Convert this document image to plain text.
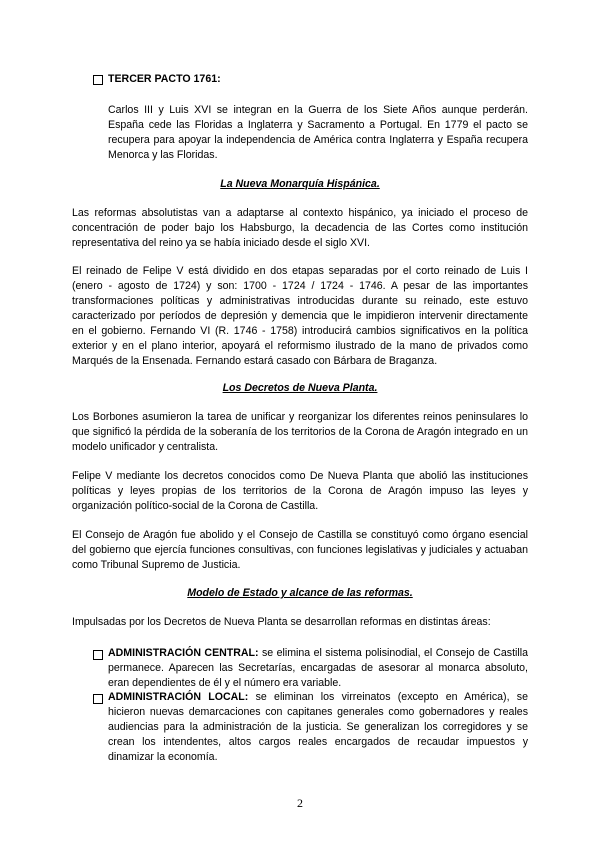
TERCER PACTO 1761:

Carlos III y Luis XVI se integran en la Guerra de los Siete Años aunque perderán. España cede las Floridas a Inglaterra y Sacramento a Portugal. En 1779 el pacto se recupera para apoyar la independencia de América contra Inglaterra y España recupera Menorca y las Floridas.

La Nueva Monarquía Hispánica.

Las reformas absolutistas van a adaptarse al contexto hispánico, ya iniciado el proceso de concentración de poder bajo los Habsburgo, la decadencia de las Cortes como institución representativa del reino ya se había iniciado desde el siglo XVI.

El reinado de Felipe V está dividido en dos etapas separadas por el corto reinado de Luis I (enero - agosto de 1724) y son: 1700 - 1724 / 1724 - 1746. A pesar de las importantes transformaciones políticas y administrativas introducidas durante su reinado, este estuvo caracterizado por períodos de depresión y demencia que le impidieron intervenir directamente en el gobierno. Fernando VI (R. 1746 - 1758) introducirá cambios significativos en la política exterior y en el plano interior, apoyará el reformismo ilustrado de la mano de privados como Marqués de la Ensenada. Fernando estará casado con Bárbara de Braganza.

Los Decretos de Nueva Planta.

Los Borbones asumieron la tarea de unificar y reorganizar los diferentes reinos peninsulares lo que significó la pérdida de la soberanía de los territorios de la Corona de Aragón integrado en un modelo unificador y centralista.

Felipe V mediante los decretos conocidos como De Nueva Planta que abolió las instituciones políticas y leyes propias de los territorios de la Corona de Aragón impuso las leyes y organización político-social de la Corona de Castilla.

El Consejo de Aragón fue abolido y el Consejo de Castilla se constituyó como órgano esencial del gobierno que ejercía funciones consultivas, con funciones legislativas y judiciales y actuaban como Tribunal Supremo de Justicia.

Modelo de Estado y alcance de las reformas.

Impulsadas por los Decretos de Nueva Planta se desarrollan reformas en distintas áreas:

ADMINISTRACIÓN CENTRAL: se elimina el sistema polisinodial, el Consejo de Castilla permanece. Aparecen las Secretarías, encargadas de asesorar al monarca absoluto, eran dependientes de él y el número era variable.

ADMINISTRACIÓN LOCAL: se eliminan los virreinatos (excepto en América), se hicieron nuevas demarcaciones con capitanes generales como gobernadores y reales audiencias para la administración de la justicia. Se generalizan los corregidores y se crean los intendentes, altos cargos reales encargados de recaudar impuestos y dinamizar la economía.

2
